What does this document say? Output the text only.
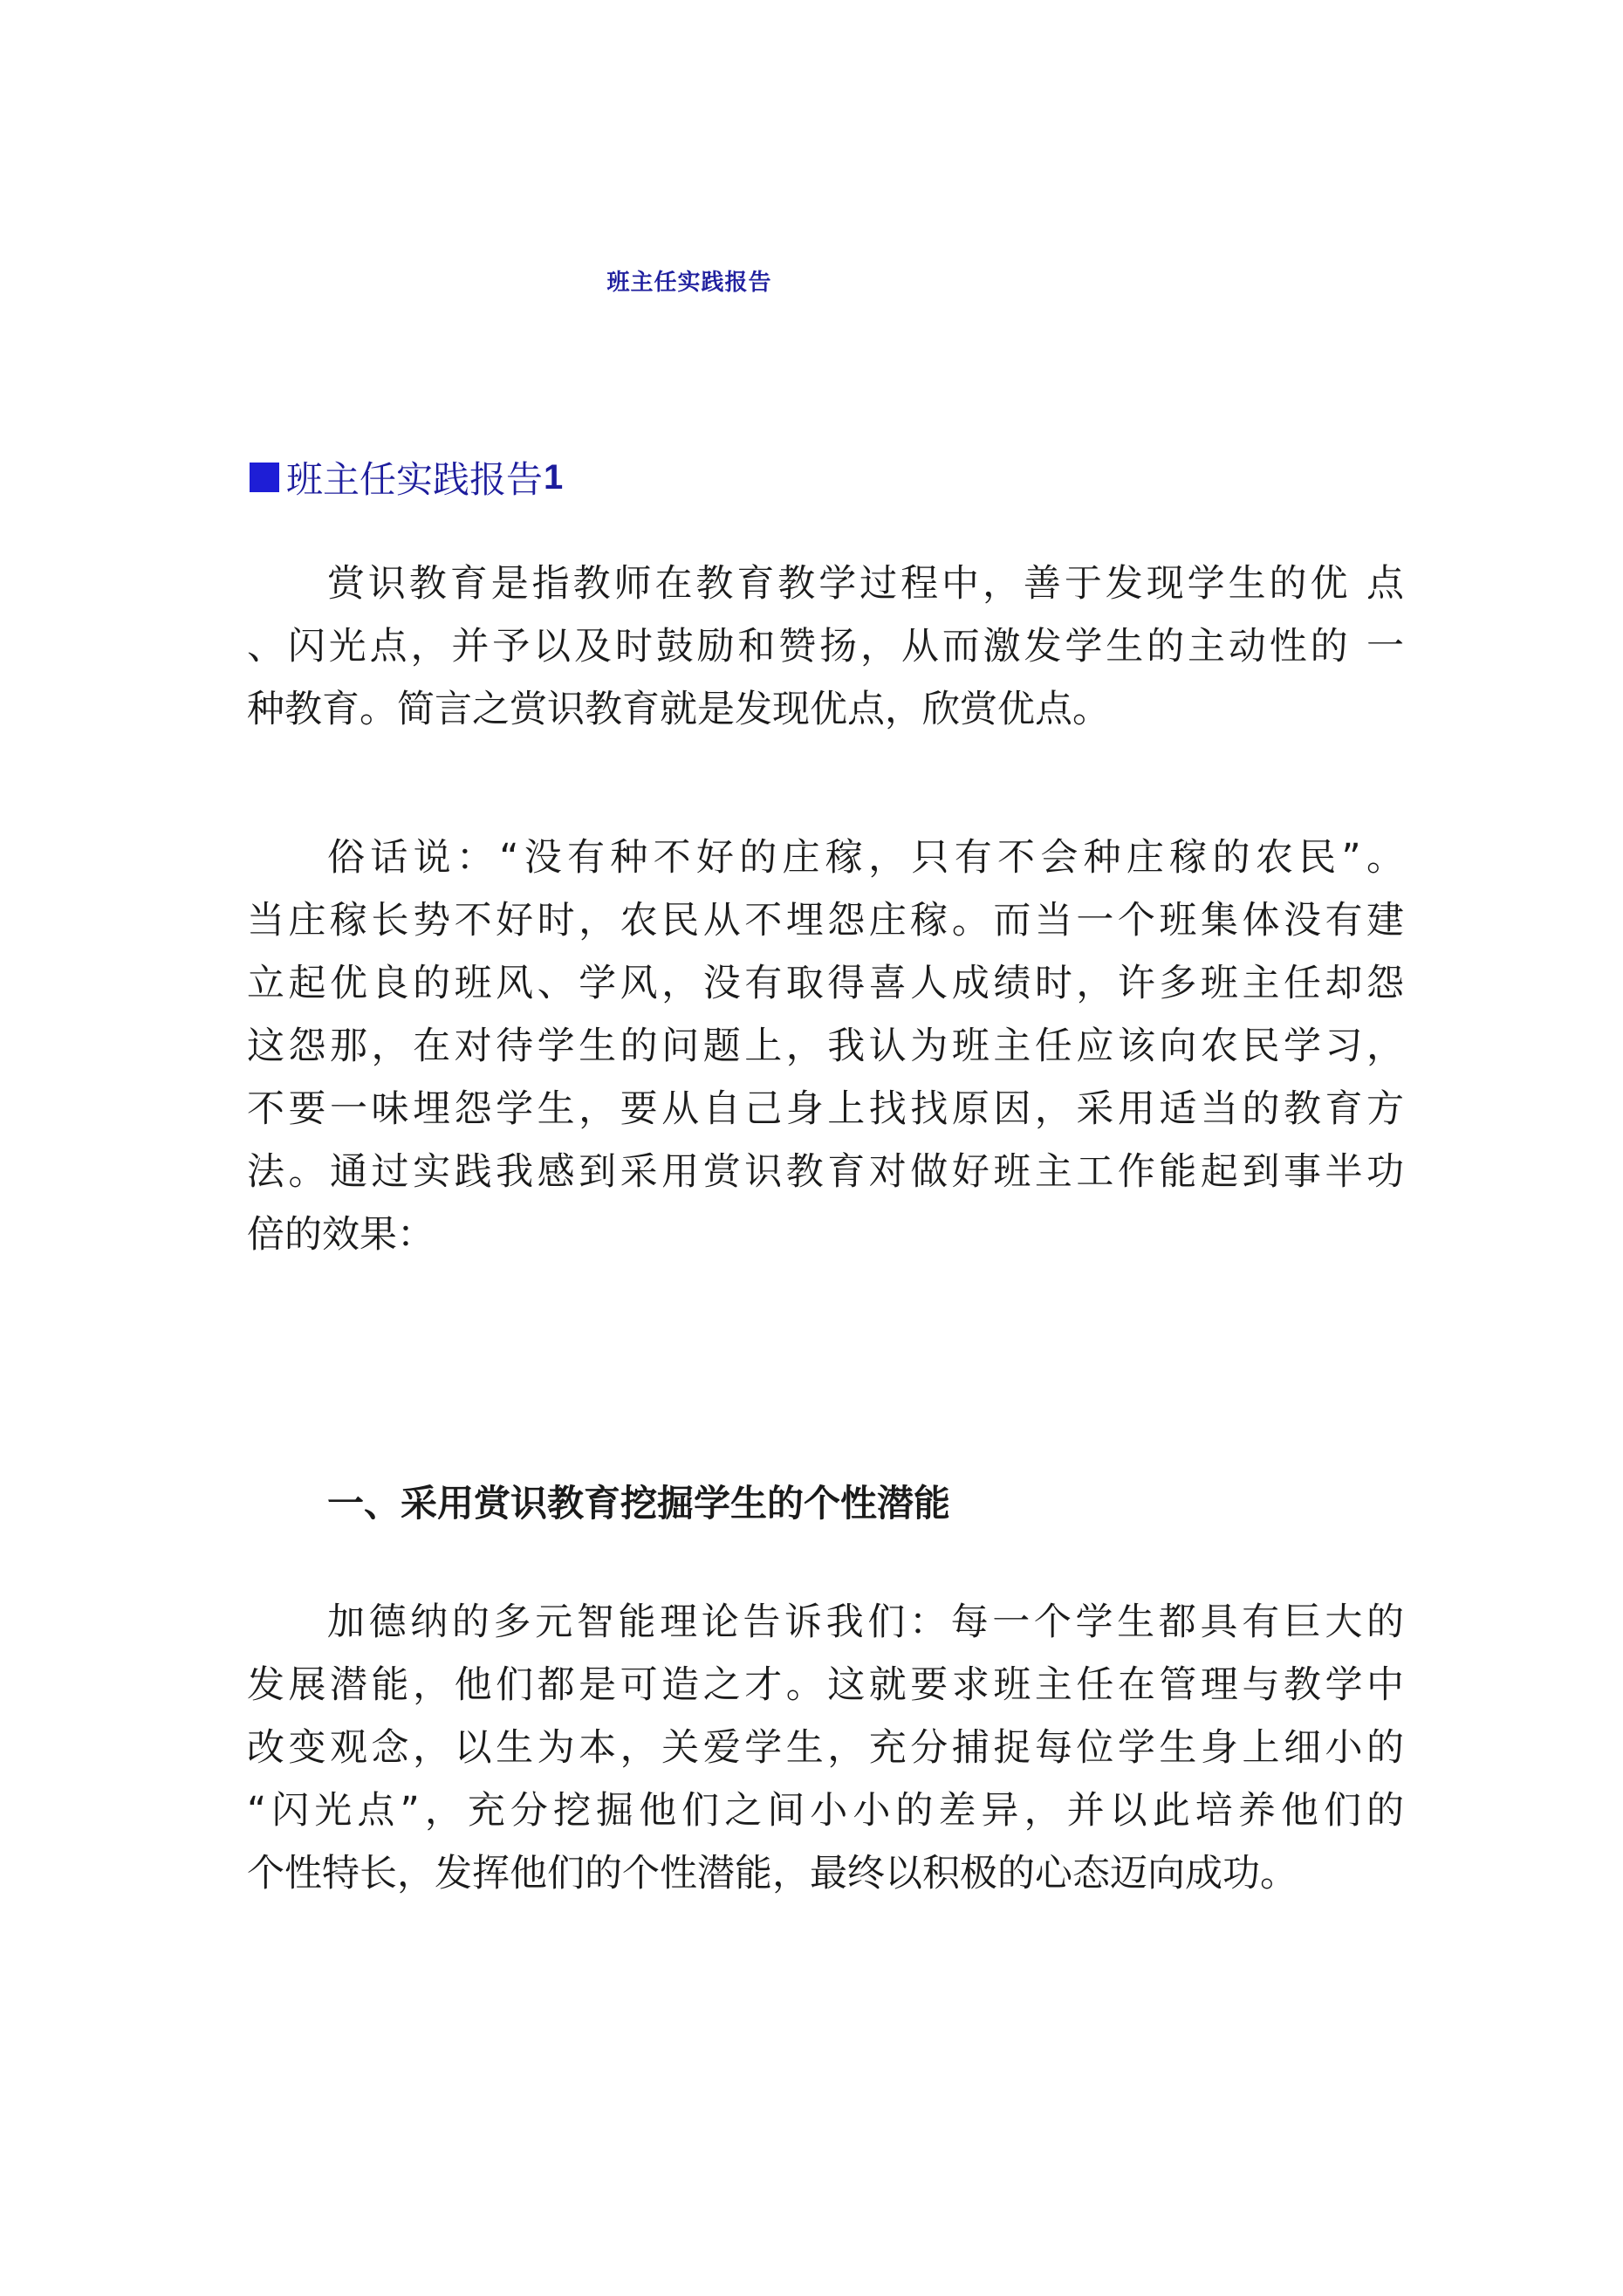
班主任实践报告
班主任实践报告 1
赏识教育是指教师在教育教学过程中，善于发现学生的优 点
、闪光点，并予以及时鼓励和赞扬，从而激发学生的主动性的 一
种教育。简言之赏识教育就是发现优点，欣赏优点。
俗话说：“没有种不好的庄稼，只有不会种庄稼的农民”。
当庄稼长势不好时，农民从不埋怨庄稼。而当一个班集体没有建
立起优良的班风、学风，没有取得喜人成绩时，许多班主任却怨
这怨那，在对待学生的问题上，我认为班主任应该向农民学习，
不要一味埋怨学生，要从自己身上找找原因，采用适当的教育方
法。通过实践我感到采用赏识教育对做好班主工作能起到事半功
倍的效果：
一、采用赏识教育挖掘学生的个性潜能
加德纳的多元智能理论告诉我们：每一个学生都具有巨大的
发展潜能，他们都是可造之才。这就要求班主任在管理与教学中
改变观念，以生为本，关爱学生，充分捕捉每位学生身上细小的
“闪光点”，充分挖掘他们之间小小的差异，并以此培养他们的
个性特长，发挥他们的个性潜能，最终以积极的心态迈向成功。
